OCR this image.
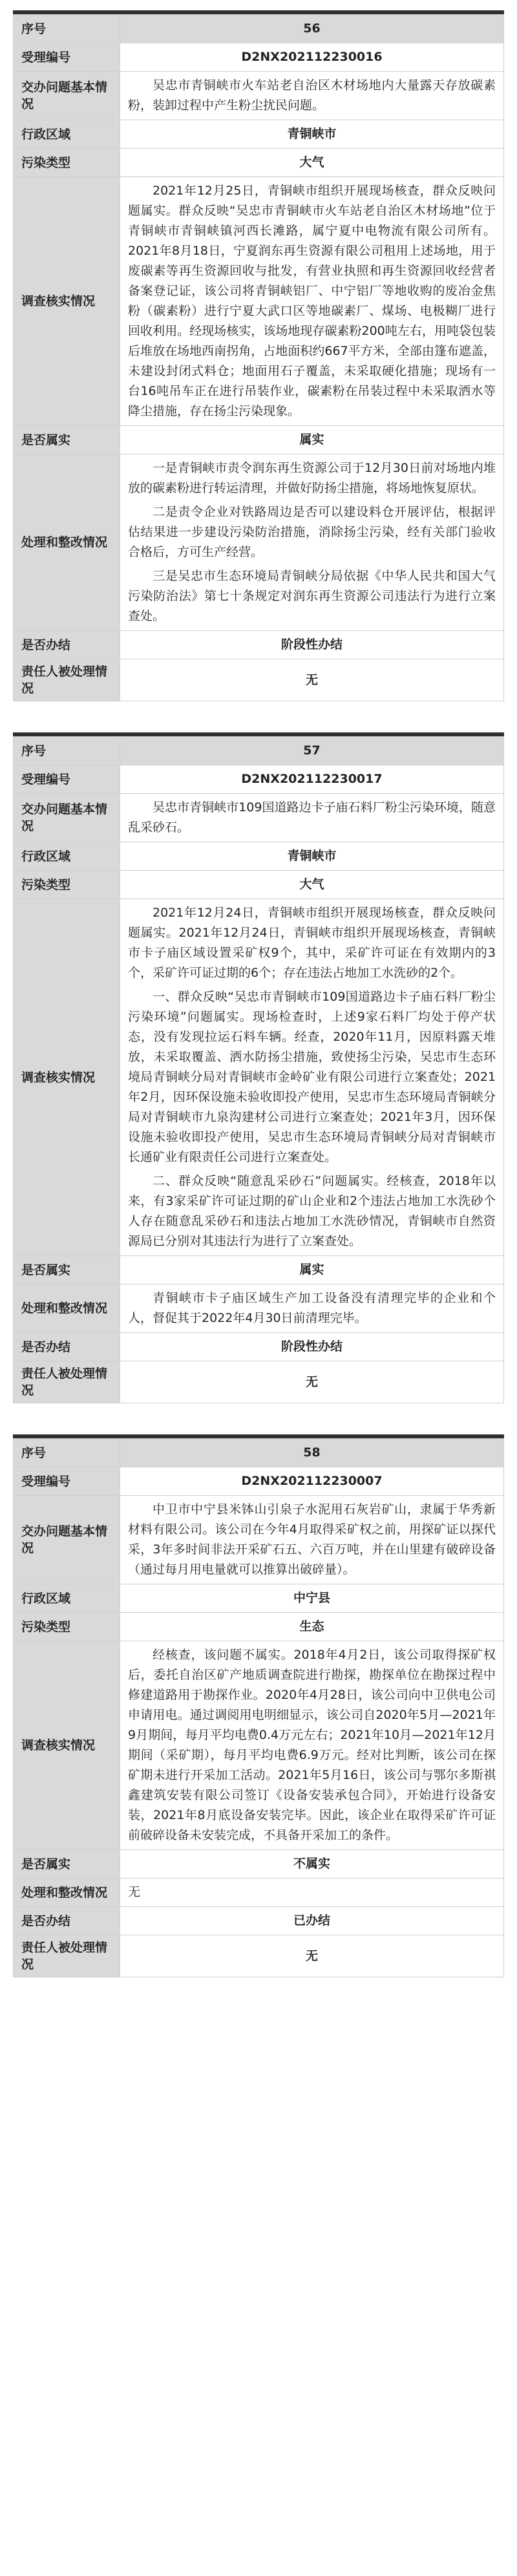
序号	56
受理编号	D2NX202112230016
交办问题基本情况	吴忠市青铜峡市火车站老自治区木材场地内大量露天存放碳素粉，装卸过程中产生粉尘扰民问题。

行政区域	青铜峡市
污染类型	大气
调查核实情况	2021年12月25日，青铜峡市组织开展现场核查，群众反映问题属实。群众反映“吴忠市青铜峡市火车站老自治区木材场地”位于青铜峡市青铜峡镇河西长滩路，属宁夏中电物流有限公司所有。2021年8月18日，宁夏润东再生资源有限公司租用上述场地，用于废碳素等再生资源回收与批发，有营业执照和再生资源回收经营者备案登记证，该公司将青铜峡铝厂、中宁铝厂等地收购的废冶金焦粉（碳素粉）进行宁夏大武口区等地碳素厂、煤场、电极糊厂进行回收利用。经现场核实，该场地现存碳素粉200吨左右，用吨袋包装后堆放在场地西南拐角，占地面积约667平方米，全部由篷布遮盖，未建设封闭式料仓；地面用石子覆盖，未采取硬化措施；现场有一台16吨吊车正在进行吊装作业，碳素粉在吊装过程中未采取洒水等降尘措施，存在扬尘污染现象。

是否属实	属实
处理和整改情况	一是青铜峡市责令润东再生资源公司于12月30日前对场地内堆放的碳素粉进行转运清理，并做好防扬尘措施，将场地恢复原状。

二是责令企业对铁路周边是否可以建设料仓开展评估，根据评估结果进一步建设污染防治措施，消除扬尘污染，经有关部门验收合格后，方可生产经营。

三是吴忠市生态环境局青铜峡分局依据《中华人民共和国大气污染防治法》第七十条规定对润东再生资源公司违法行为进行立案查处。

是否办结	阶段性办结
责任人被处理情况	无
序号	57
受理编号	D2NX202112230017
交办问题基本情况	吴忠市青铜峡市109国道路边卡子庙石料厂粉尘污染环境，随意乱采砂石。

行政区域	青铜峡市
污染类型	大气
调查核实情况	2021年12月24日，青铜峡市组织开展现场核查，群众反映问题属实。2021年12月24日，青铜峡市组织开展现场核查，青铜峡市卡子庙区域设置采矿权9个，其中，采矿许可证在有效期内的3个，采矿许可证过期的6个；存在违法占地加工水洗砂的2个。

一、群众反映“吴忠市青铜峡市109国道路边卡子庙石料厂粉尘污染环境”问题属实。现场检查时，上述9家石料厂均处于停产状态，没有发现拉运石料车辆。经查，2020年11月，因原料露天堆放，未采取覆盖、洒水防扬尘措施，致使扬尘污染，吴忠市生态环境局青铜峡分局对青铜峡市金岭矿业有限公司进行立案查处；2021年2月，因环保设施未验收即投产使用，吴忠市生态环境局青铜峡分局对青铜峡市九泉沟建材公司进行立案查处；2021年3月，因环保设施未验收即投产使用，吴忠市生态环境局青铜峡分局对青铜峡市长通矿业有限责任公司进行立案查处。

二、群众反映“随意乱采砂石”问题属实。经核查，2018年以来，有3家采矿许可证过期的矿山企业和2个违法占地加工水洗砂个人存在随意乱采砂石和违法占地加工水洗砂情况，青铜峡市自然资源局已分别对其违法行为进行了立案查处。

是否属实	属实
处理和整改情况	青铜峡市卡子庙区域生产加工设备没有清理完毕的企业和个人，督促其于2022年4月30日前清理完毕。

是否办结	阶段性办结
责任人被处理情况	无
序号	58
受理编号	D2NX202112230007
交办问题基本情况	中卫市中宁县米钵山引泉子水泥用石灰岩矿山，隶属于华秀新材料有限公司。该公司在今年4月取得采矿权之前，用探矿证以探代采，3年多时间非法开采矿石五、六百万吨，并在山里建有破碎设备（通过每月用电量就可以推算出破碎量）。

行政区域	中宁县
污染类型	生态
调查核实情况	经核查，该问题不属实。2018年4月2日，该公司取得探矿权后，委托自治区矿产地质调查院进行勘探，勘探单位在勘探过程中修建道路用于勘探作业。2020年4月28日，该公司向中卫供电公司申请用电。通过调阅用电明细显示，该公司自2020年5月—2021年9月期间，每月平均电费0.4万元左右；2021年10月—2021年12月期间（采矿期），每月平均电费6.9万元。经对比判断，该公司在探矿期未进行开采加工活动。2021年5月16日，该公司与鄂尔多斯祺鑫建筑安装有限公司签订《设备安装承包合同》，开始进行设备安装，2021年8月底设备安装完毕。因此，该企业在取得采矿许可证前破碎设备未安装完成，不具备开采加工的条件。

是否属实	不属实
处理和整改情况	无

是否办结	已办结
责任人被处理情况	无
